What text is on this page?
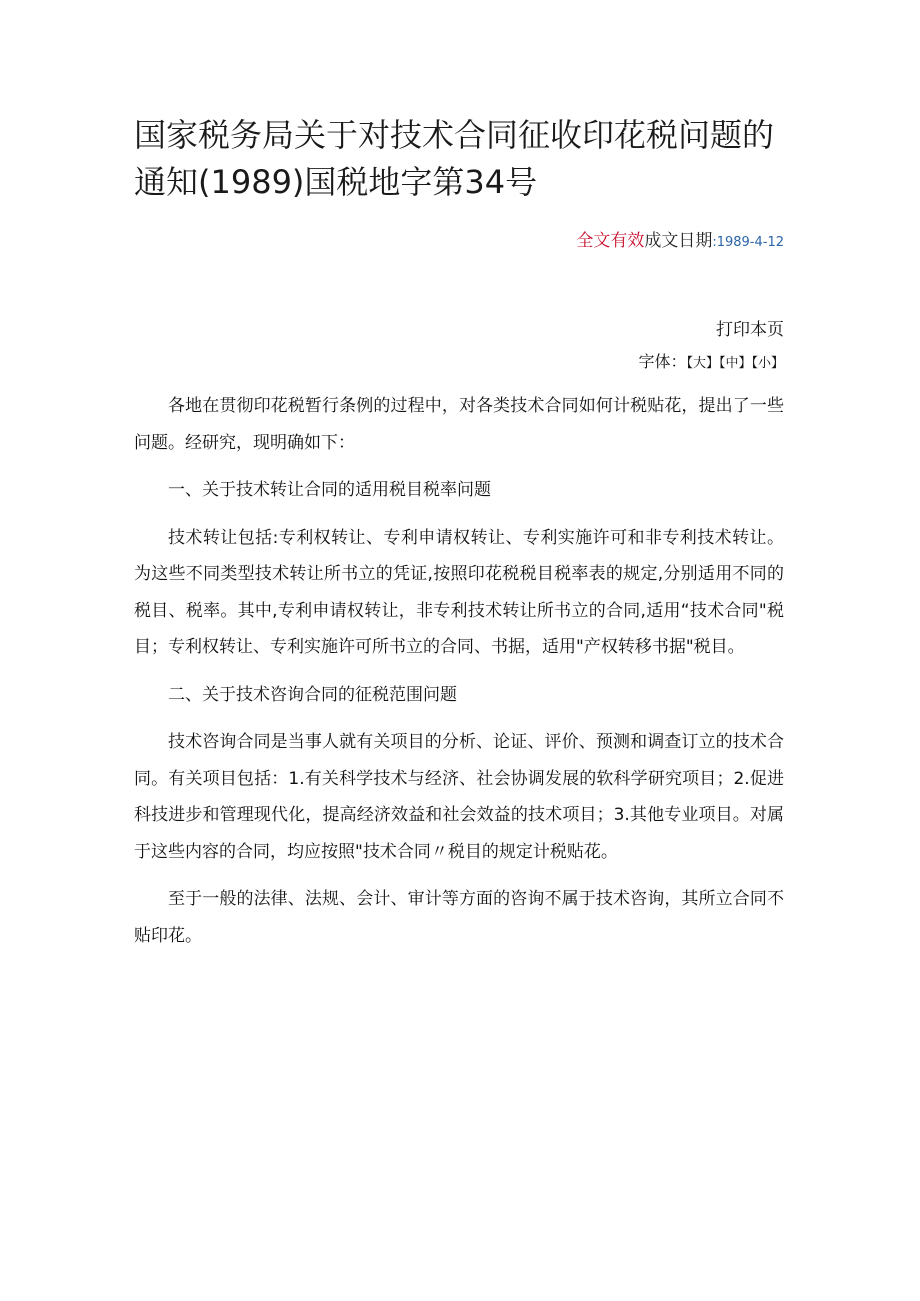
国家税务局关于对技术合同征收印花税问题的通知(1989)国税地字第34号
全文有效成文日期:1989-4-12
打印本页
字体：【大】【中】【小】

各地在贯彻印花税暂行条例的过程中，对各类技术合同如何计税贴花，提出了一些问题。经研究，现明确如下：

一、关于技术转让合同的适用税目税率问题

技术转让包括:专利权转让、专利申请权转让、专利实施许可和非专利技术转让。为这些不同类型技术转让所书立的凭证,按照印花税税目税率表的规定,分别适用不同的税目、税率。其中,专利申请权转让，非专利技术转让所书立的合同,适用“技术合同"税目；专利权转让、专利实施许可所书立的合同、书据，适用"产权转移书据"税目。

二、关于技术咨询合同的征税范围问题

技术咨询合同是当事人就有关项目的分析、论证、评价、预测和调查订立的技术合同。有关项目包括：1.有关科学技术与经济、社会协调发展的软科学研究项目；2.促进科技进步和管理现代化，提高经济效益和社会效益的技术项目；3.其他专业项目。对属于这些内容的合同，均应按照"技术合同〃税目的规定计税贴花。

至于一般的法律、法规、会计、审计等方面的咨询不属于技术咨询，其所立合同不贴印花。
